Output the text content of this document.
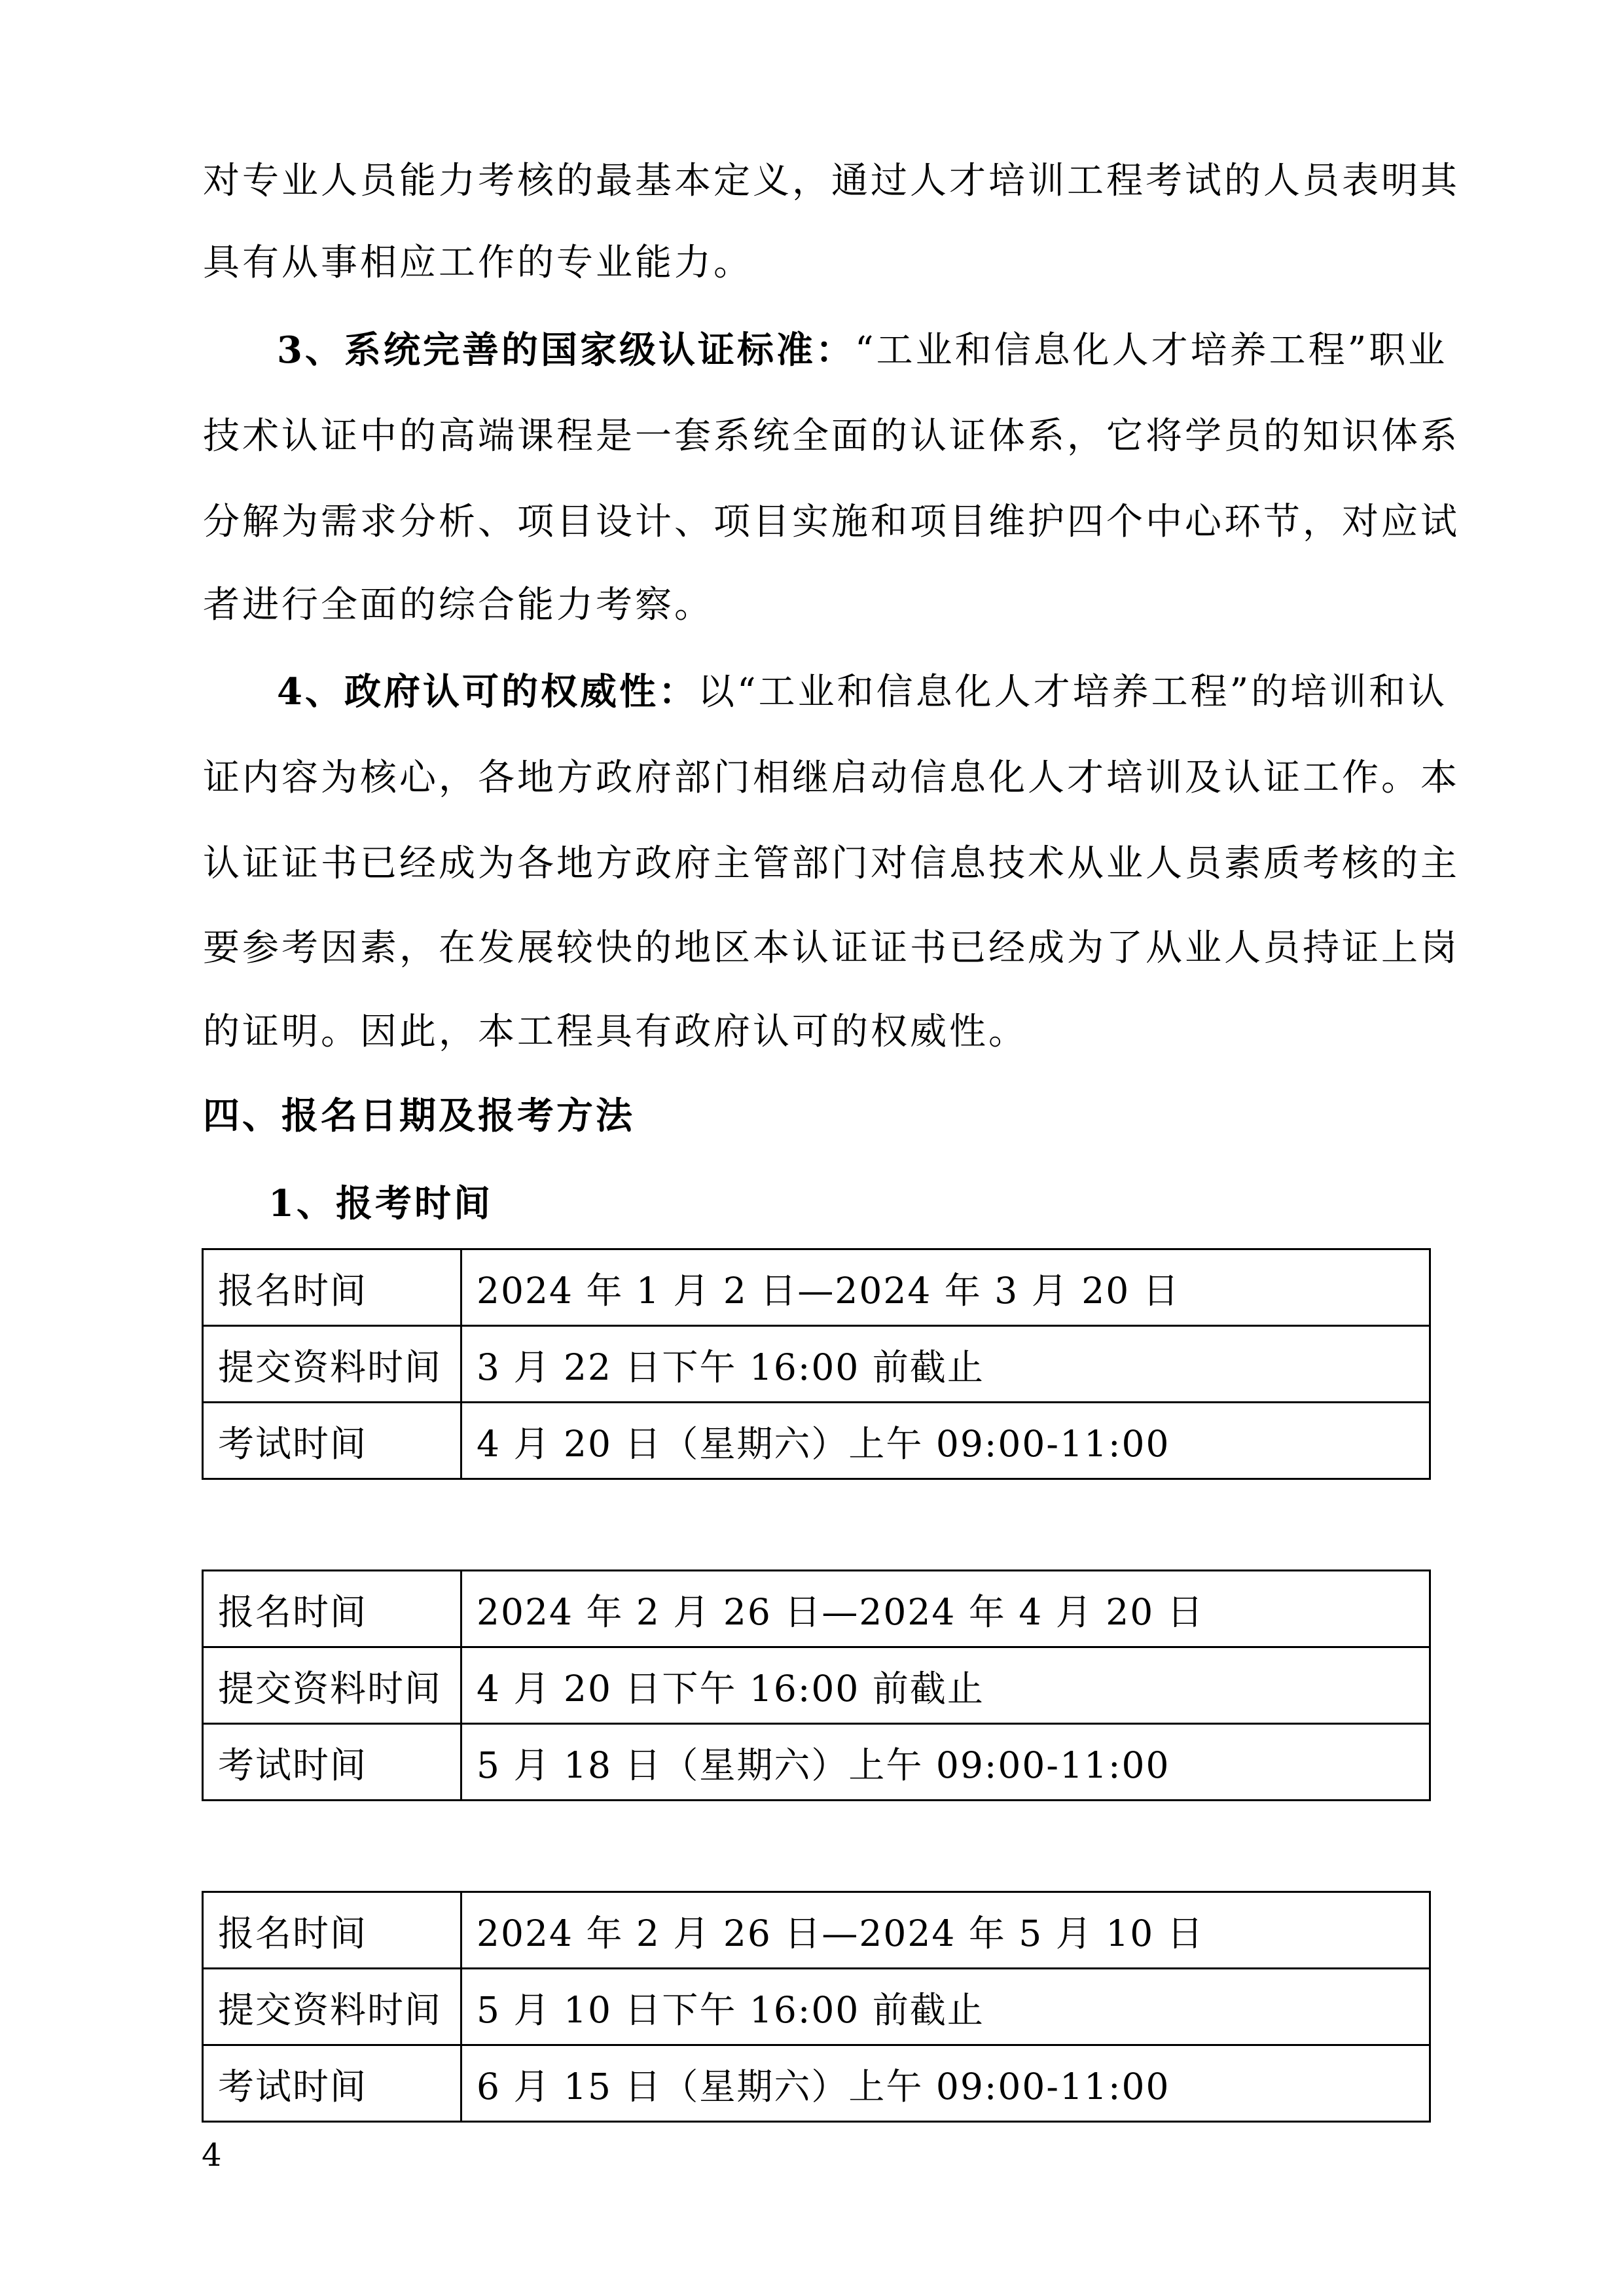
对专业人员能力考核的最基本定义，通过人才培训工程考试的人员表明其
具有从事相应工作的专业能力。
3、系统完善的国家级认证标准：“工业和信息化人才培养工程”职业
技术认证中的高端课程是一套系统全面的认证体系，它将学员的知识体系
分解为需求分析、项目设计、项目实施和项目维护四个中心环节，对应试
者进行全面的综合能力考察。
4、政府认可的权威性：以“工业和信息化人才培养工程”的培训和认
证内容为核心，各地方政府部门相继启动信息化人才培训及认证工作。本
认证证书已经成为各地方政府主管部门对信息技术从业人员素质考核的主
要参考因素，在发展较快的地区本认证证书已经成为了从业人员持证上岗
的证明。因此，本工程具有政府认可的权威性。
四、报名日期及报考方法
1、报考时间
报名时间	2024 年 1 月 2 日—2024 年 3 月 20 日
提交资料时间	3 月 22 日下午 16:00 前截止
考试时间	4 月 20 日（星期六）上午 09:00-11:00
报名时间	2024 年 2 月 26 日—2024 年 4 月 20 日
提交资料时间	4 月 20 日下午 16:00 前截止
考试时间	5 月 18 日（星期六）上午 09:00-11:00
报名时间	2024 年 2 月 26 日—2024 年 5 月 10 日
提交资料时间	5 月 10 日下午 16:00 前截止
考试时间	6 月 15 日（星期六）上午 09:00-11:00
4
